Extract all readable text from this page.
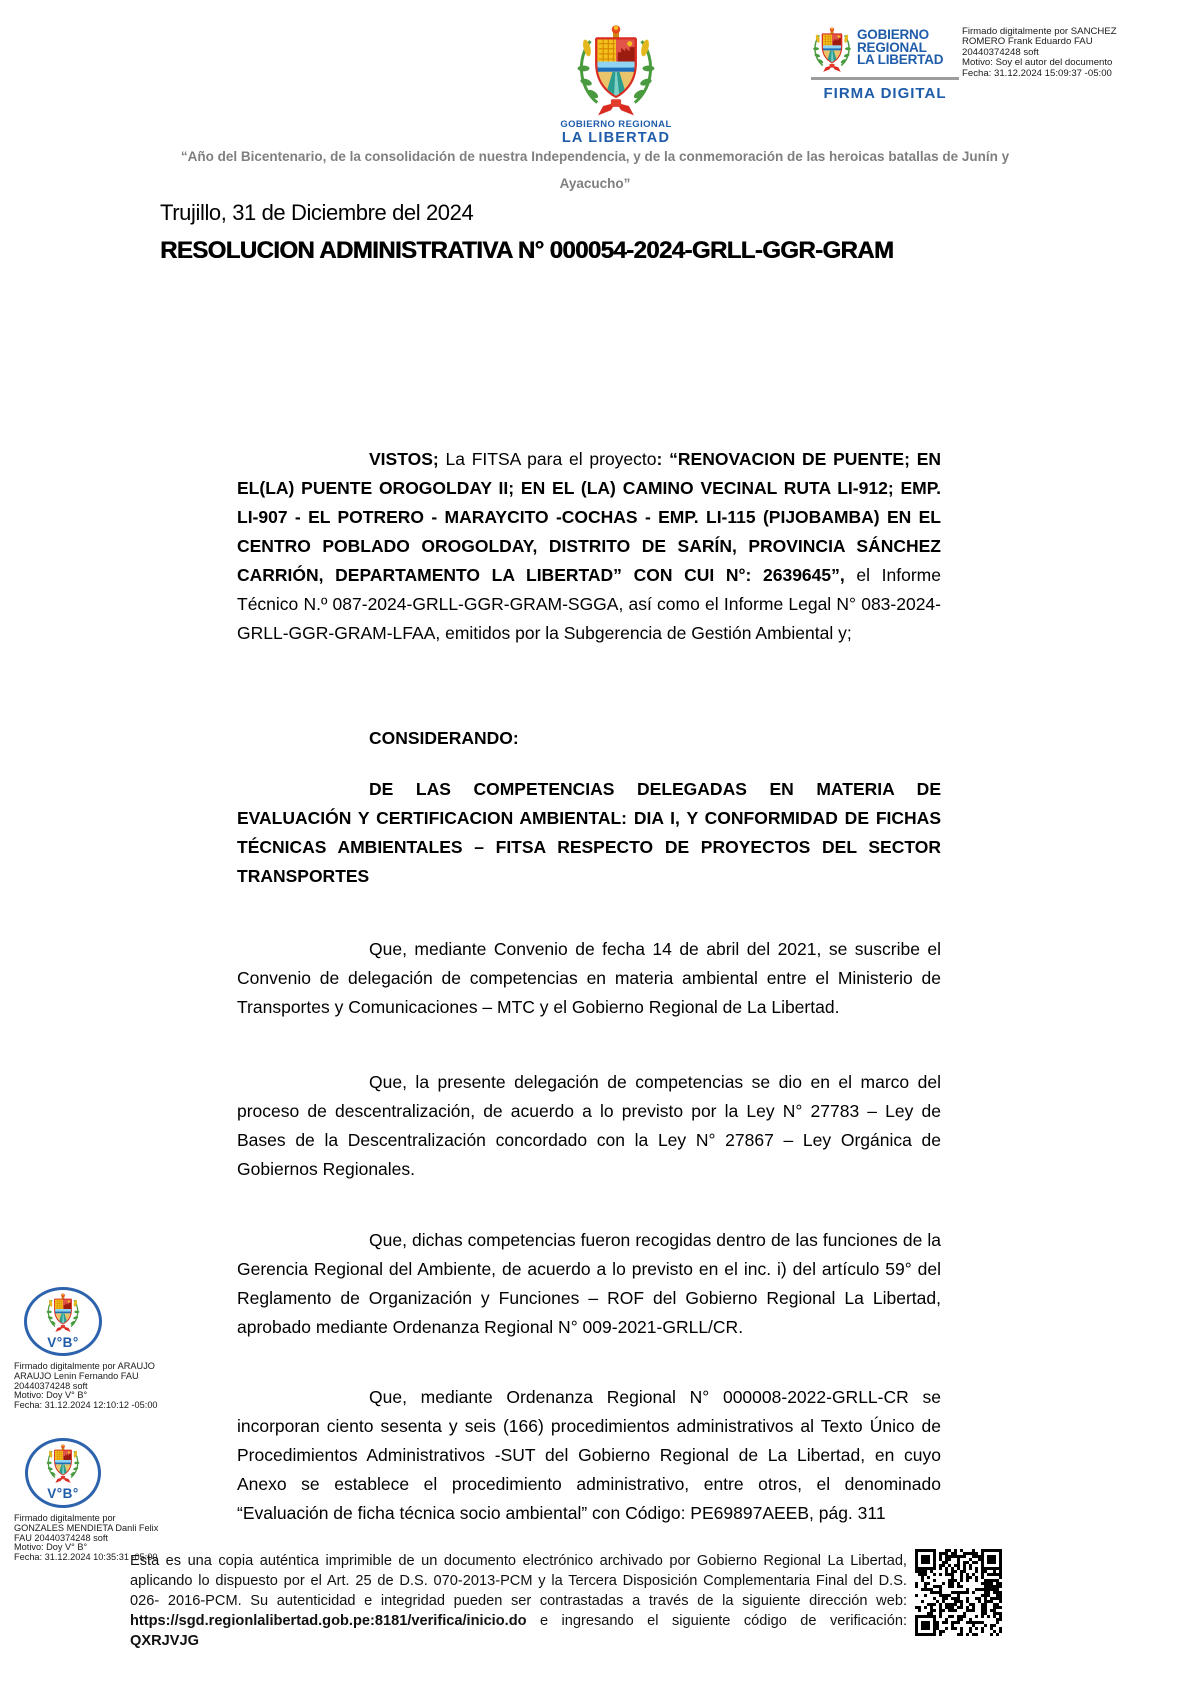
GOBIERNO REGIONAL
LA LIBERTAD
GOBIERNO
REGIONAL
LA LIBERTAD
FIRMA DIGITAL
Firmado digitalmente por SANCHEZ
ROMERO Frank Eduardo FAU
20440374248 soft
Motivo: Soy el autor del documento
Fecha: 31.12.2024 15:09:37 -05:00
“Año del Bicentenario, de la consolidación de nuestra Independencia, y de la conmemoración de las heroicas batallas de Junín y
Ayacucho”
Trujillo, 31 de Diciembre del 2024
RESOLUCION ADMINISTRATIVA N° 000054-2024-GRLL-GGR-GRAM

VISTOS; La FITSA para el proyecto: “RENOVACION DE PUENTE; EN EL(LA) PUENTE OROGOLDAY II; EN EL (LA) CAMINO VECINAL RUTA LI-912; EMP. LI-907 - EL POTRERO - MARAYCITO -COCHAS - EMP. LI-115 (PIJOBAMBA) EN EL CENTRO POBLADO OROGOLDAY, DISTRITO DE SARÍN, PROVINCIA SÁNCHEZ CARRIÓN, DEPARTAMENTO LA LIBERTAD” CON CUI N°: 2639645”, el Informe Técnico N.º 087-2024-GRLL-GGR-GRAM-SGGA, así como el Informe Legal N° 083-2024-GRLL-GGR-GRAM-LFAA, emitidos por la Subgerencia de Gestión Ambiental y;

CONSIDERANDO:

DE LAS COMPETENCIAS DELEGADAS EN MATERIA DE EVALUACIÓN Y CERTIFICACION AMBIENTAL: DIA I, Y CONFORMIDAD DE FICHAS TÉCNICAS AMBIENTALES – FITSA RESPECTO DE PROYECTOS DEL SECTOR TRANSPORTES

Que, mediante Convenio de fecha 14 de abril del 2021, se suscribe el Convenio de delegación de competencias en materia ambiental entre el Ministerio de Transportes y Comunicaciones – MTC y el Gobierno Regional de La Libertad.

Que, la presente delegación de competencias se dio en el marco del proceso de descentralización, de acuerdo a lo previsto por la Ley N° 27783 – Ley de Bases de la Descentralización concordado con la Ley N° 27867 – Ley Orgánica de Gobiernos Regionales.

Que, dichas competencias fueron recogidas dentro de las funciones de la Gerencia Regional del Ambiente, de acuerdo a lo previsto en el inc. i) del artículo 59° del Reglamento de Organización y Funciones – ROF del Gobierno Regional La Libertad, aprobado mediante Ordenanza Regional N° 009-2021-GRLL/CR.

Que, mediante Ordenanza Regional N° 000008-2022-GRLL-CR se incorporan ciento sesenta y seis (166) procedimientos administrativos al Texto Único de Procedimientos Administrativos -SUT del Gobierno Regional de La Libertad, en cuyo Anexo se establece el procedimiento administrativo, entre otros, el denominado “Evaluación de ficha técnica socio ambiental” con Código: PE69897AEEB, pág. 311

V°B°
Firmado digitalmente por ARAUJO
ARAUJO Lenin Fernando FAU
20440374248 soft
Motivo: Doy V° B°
Fecha: 31.12.2024 12:10:12 -05:00
V°B°
Firmado digitalmente por
GONZALES MENDIETA Danli Felix
FAU 20440374248 soft
Motivo: Doy V° B°
Fecha: 31.12.2024 10:35:31 -05:00
Esta es una copia auténtica imprimible de un documento electrónico archivado por Gobierno Regional La Libertad, aplicando lo dispuesto por el Art. 25 de D.S. 070-2013-PCM y la Tercera Disposición Complementaria Final del D.S. 026- 2016-PCM. Su autenticidad e integridad pueden ser contrastadas a través de la siguiente dirección web: https://sgd.regionlalibertad.gob.pe:8181/verifica/inicio.do e ingresando el siguiente código de verificación: QXRJVJG
